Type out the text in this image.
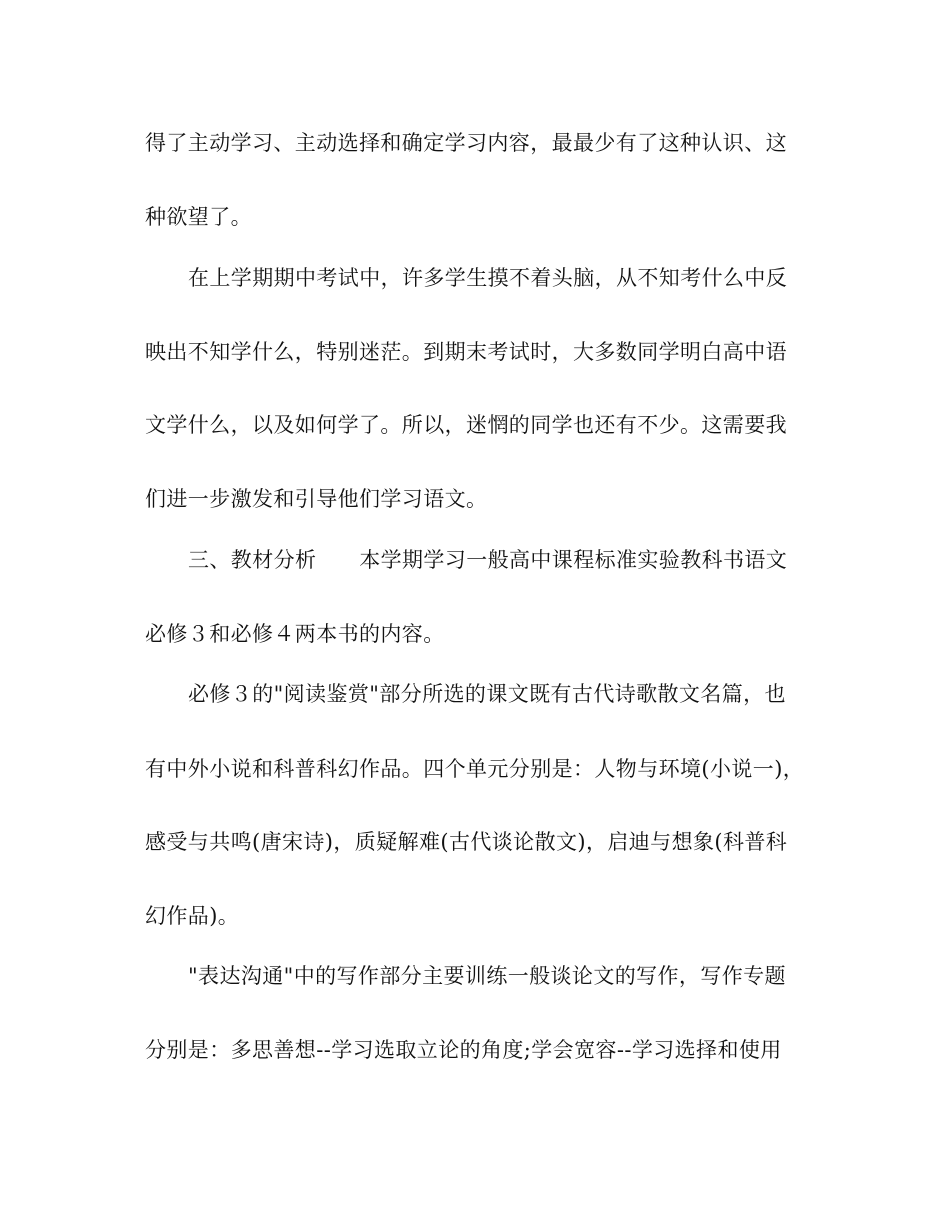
得了主动学习、主动选择和确定学习内容，最最少有了这种认识、这
种欲望了。
在上学期期中考试中，许多学生摸不着头脑，从不知考什么中反
映出不知学什么，特别迷茫。到期末考试时，大多数同学明白高中语
文学什么，以及如何学了。所以，迷惘的同学也还有不少。这需要我
们进一步激发和引导他们学习语文。
三、教材分析　　本学期学习一般高中课程标准实验教科书语文
必修３和必修４两本书的内容。
必修３的"阅读鉴赏"部分所选的课文既有古代诗歌散文名篇，也
有中外小说和科普科幻作品。四个单元分别是：人物与环境(小说一)，
感受与共鸣(唐宋诗)，质疑解难(古代谈论散文)，启迪与想象(科普科
幻作品)。
"表达沟通"中的写作部分主要训练一般谈论文的写作，写作专题
分别是：多思善想--学习选取立论的角度;学会宽容--学习选择和使用
